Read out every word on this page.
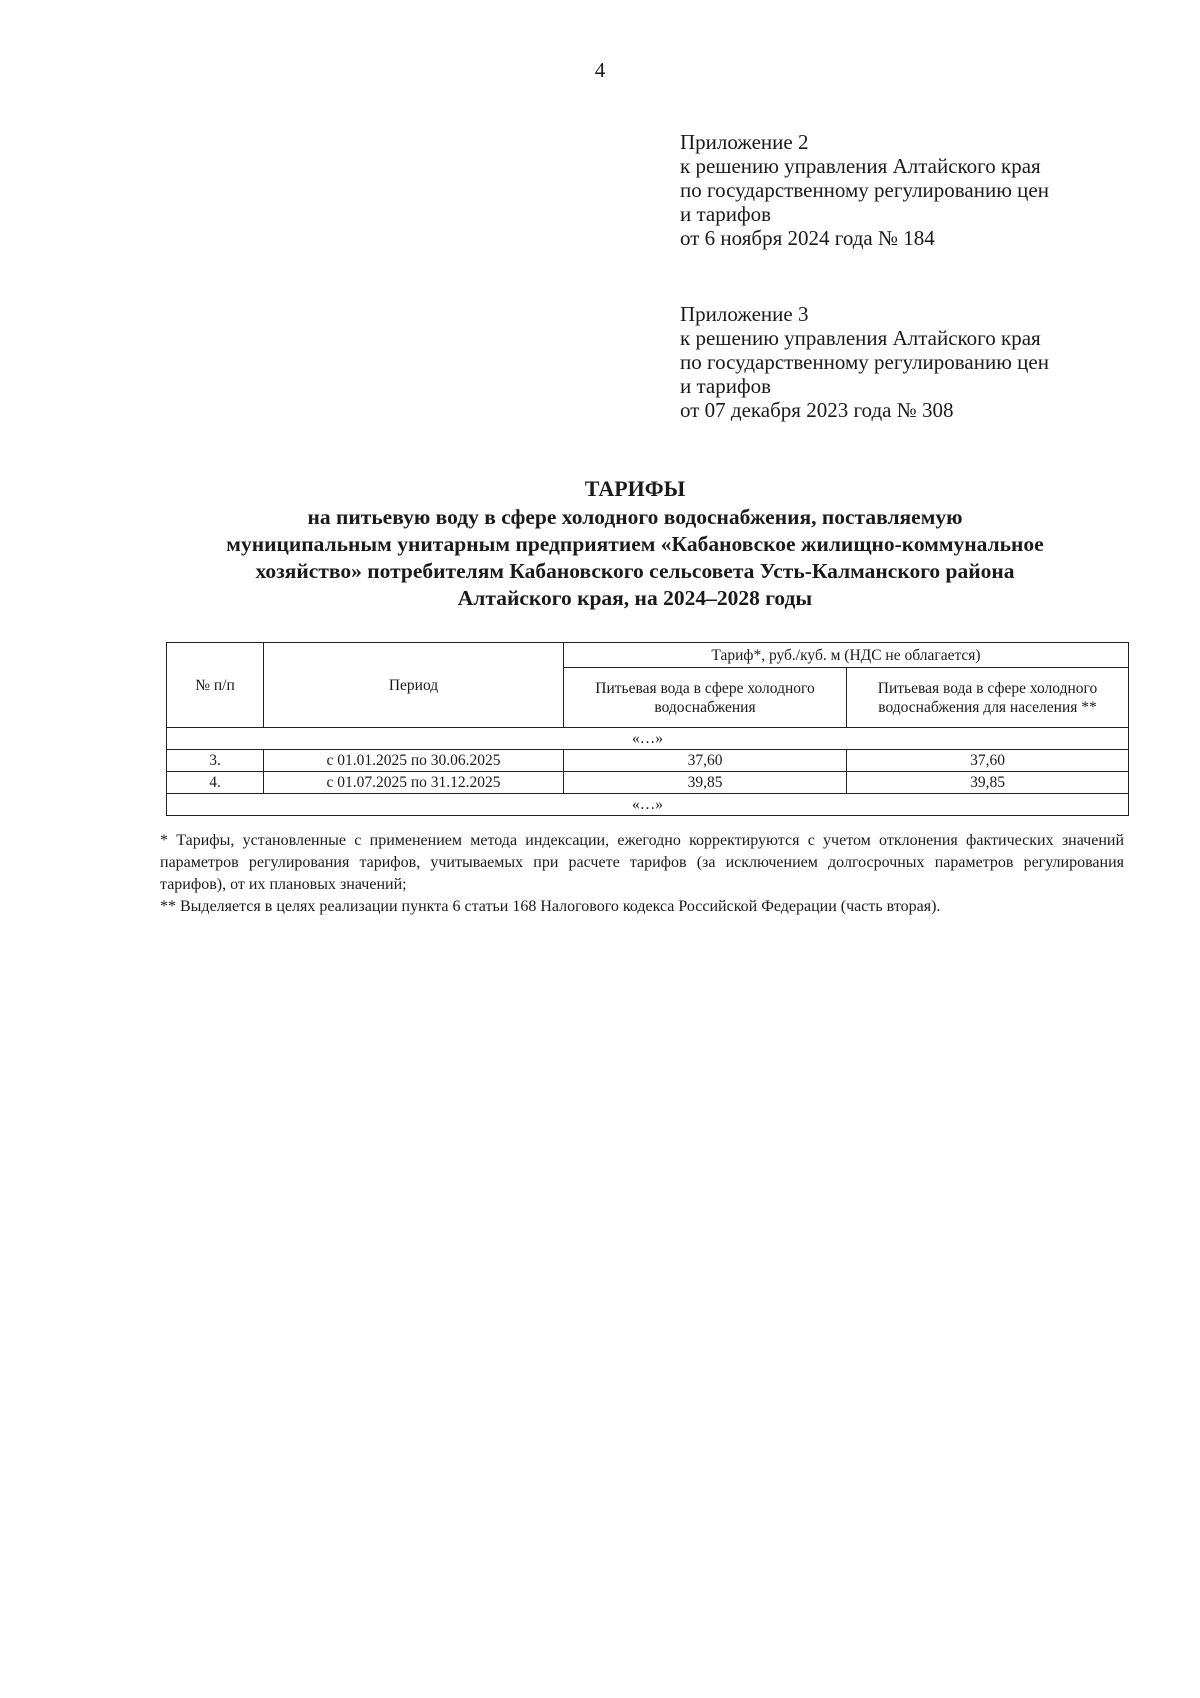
4
Приложение 2
к решению управления Алтайского края
по государственному регулированию цен
и тарифов
от 6 ноября 2024 года № 184
Приложение 3
к решению управления Алтайского края
по государственному регулированию цен
и тарифов
от 07 декабря 2023 года № 308
ТАРИФЫ
на питьевую воду в сфере холодного водоснабжения, поставляемую
муниципальным унитарным предприятием «Кабановское жилищно-коммунальное
хозяйство» потребителям Кабановского сельсовета Усть-Калманского района
Алтайского края, на 2024–2028 годы
№ п/п	Период	Тариф*, руб./куб. м (НДС не облагается)	
		Питьевая вода в сфере холодного водоснабжения	Питьевая вода в сфере холодного водоснабжения для населения **
«…»			
3.	с 01.01.2025 по 30.06.2025	37,60	37,60
4.	с 01.07.2025 по 31.12.2025	39,85	39,85
«…»			

* Тарифы, установленные с применением метода индексации, ежегодно корректируются с учетом отклонения фактических значений параметров регулирования тарифов, учитываемых при расчете тарифов (за исключением долгосрочных параметров регулирования тарифов), от их плановых значений;

** Выделяется в целях реализации пункта 6 статьи 168 Налогового кодекса Российской Федерации (часть вторая).
